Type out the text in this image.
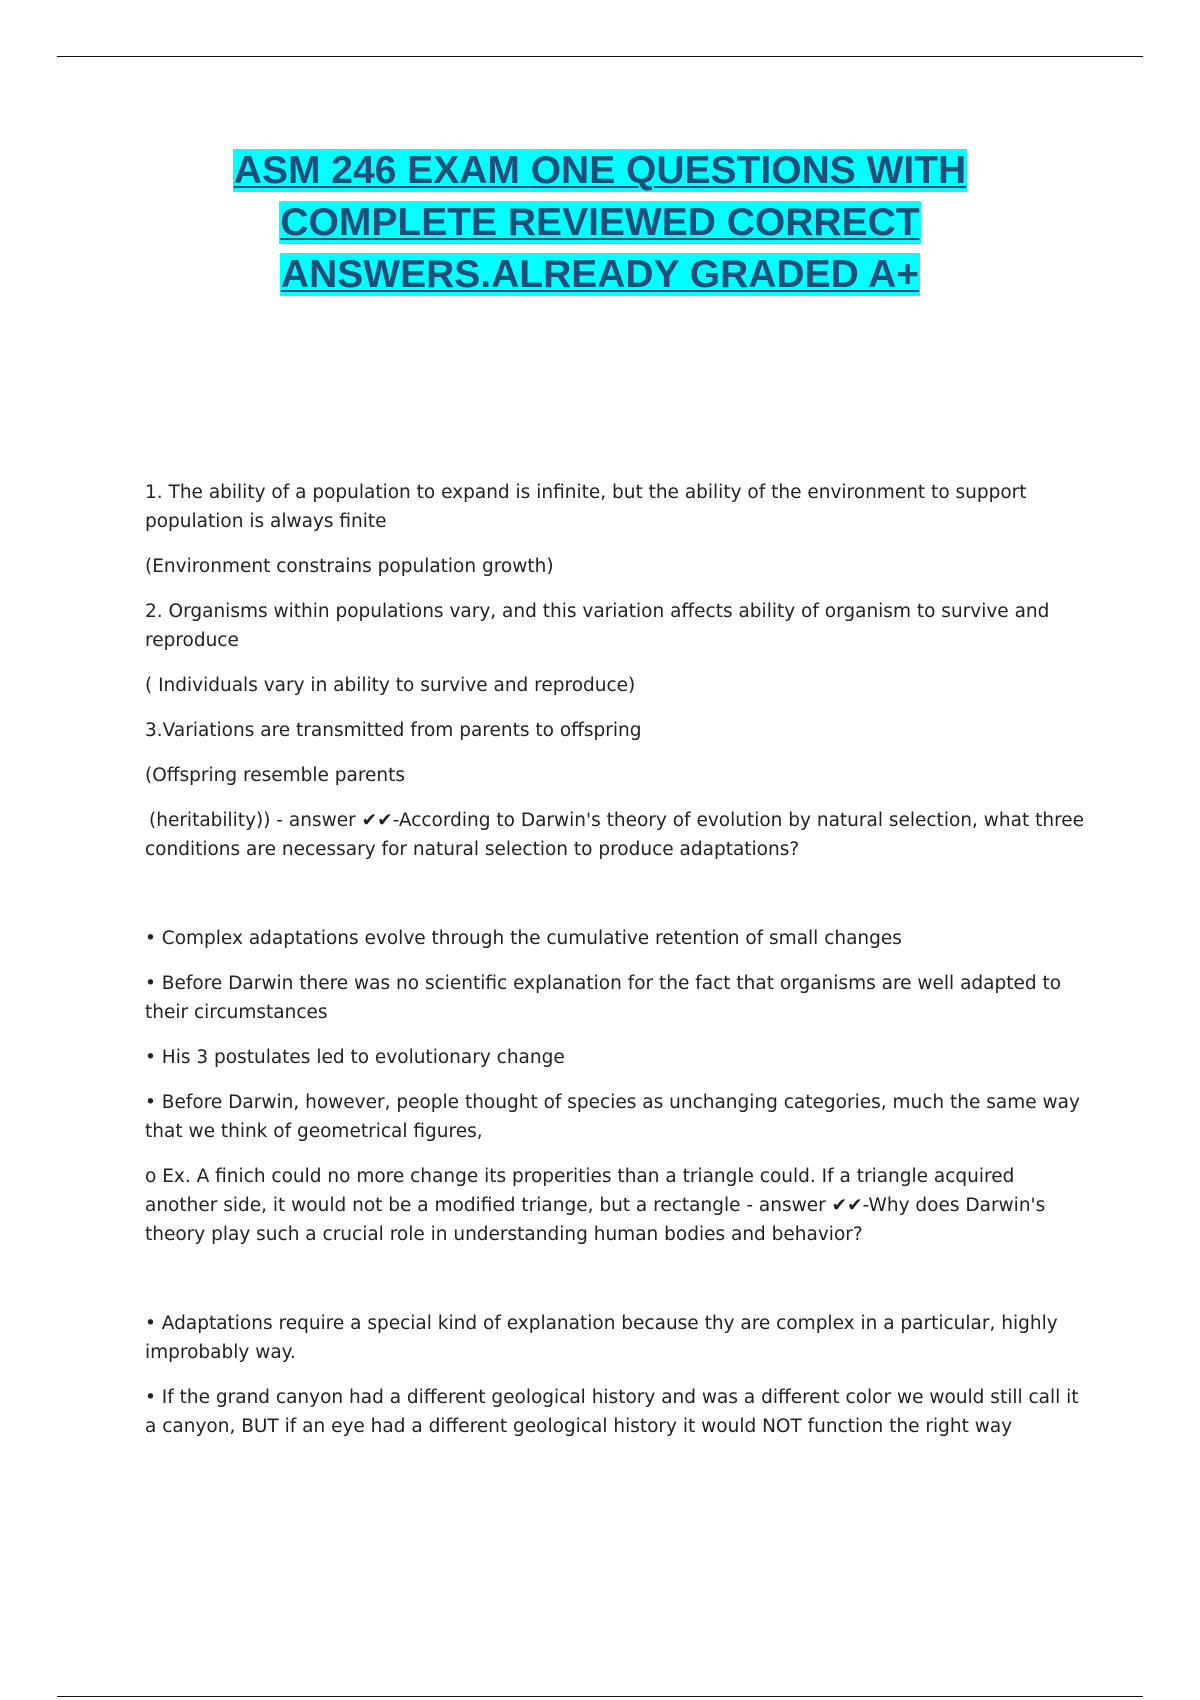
ASM 246 EXAM ONE QUESTIONS WITH
COMPLETE REVIEWED CORRECT
ANSWERS.ALREADY GRADED A+

1. The ability of a population to expand is infinite, but the ability of the environment to support population is always finite

(Environment constrains population growth)

2. Organisms within populations vary, and this variation affects ability of organism to survive and reproduce

( Individuals vary in ability to survive and reproduce)

3.Variations are transmitted from parents to offspring

(Offspring resemble parents

(heritability)) - answer ✔✔-According to Darwin's theory of evolution by natural selection, what three conditions are necessary for natural selection to produce adaptations?

• Complex adaptations evolve through the cumulative retention of small changes

• Before Darwin there was no scientific explanation for the fact that organisms are well adapted to their circumstances

• His 3 postulates led to evolutionary change

• Before Darwin, however, people thought of species as unchanging categories, much the same way that we think of geometrical figures,

o Ex. A finich could no more change its properities than a triangle could. If a triangle acquired another side, it would not be a modified triange, but a rectangle - answer ✔✔-Why does Darwin's theory play such a crucial role in understanding human bodies and behavior?

• Adaptations require a special kind of explanation because thy are complex in a particular, highly improbably way.

• If the grand canyon had a different geological history and was a different color we would still call it a canyon, BUT if an eye had a different geological history it would NOT function the right way
